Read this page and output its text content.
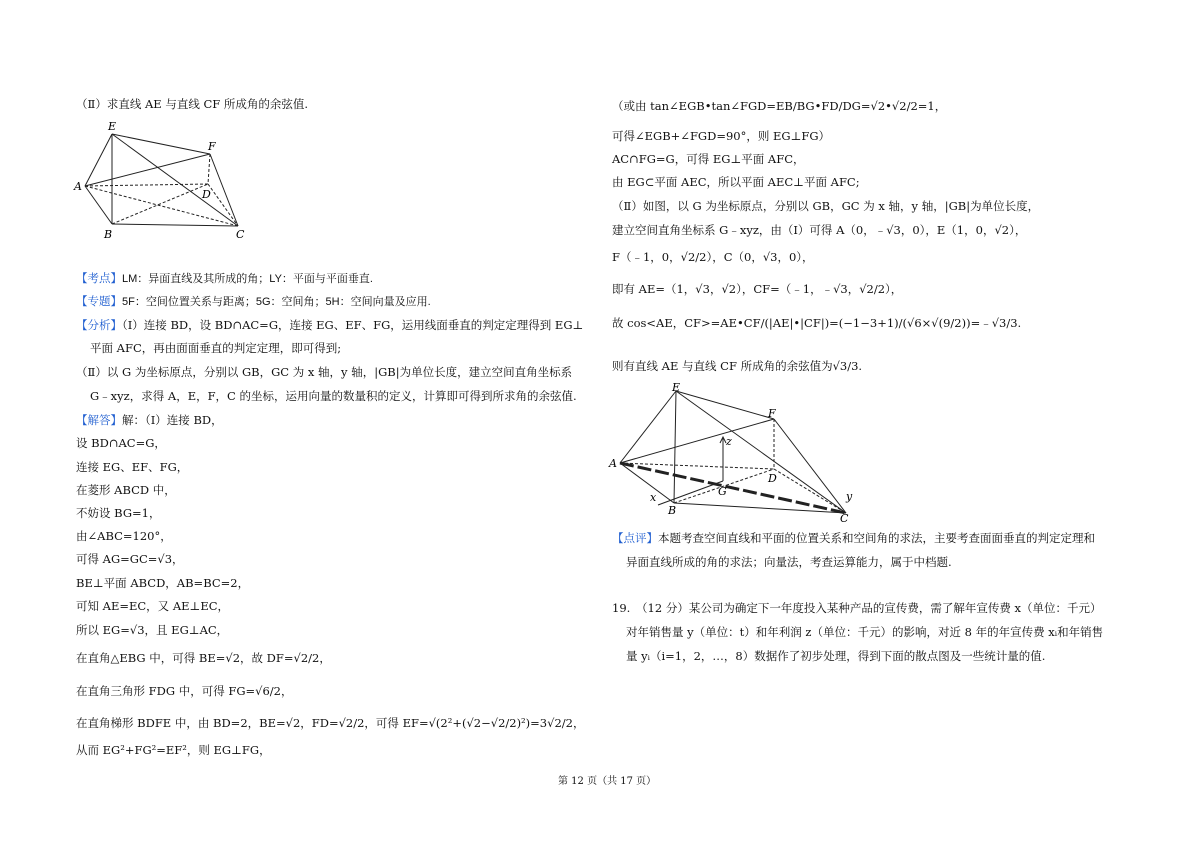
（Ⅱ）求直线 AE 与直线 CF 所成角的余弦值.
E
F
A
D
B	C
【考点】LM：异面直线及其所成的角；LY：平面与平面垂直.
【专题】5F：空间位置关系与距离；5G：空间角；5H：空间向量及应用.
【分析】（Ⅰ）连接 BD，设 BD∩AC=G，连接 EG、EF、FG，运用线面垂直的判定定理得到 EG⊥
平面 AFC，再由面面垂直的判定定理，即可得到;
（Ⅱ）以 G 为坐标原点，分别以 GB，GC 为 x 轴，y 轴，|GB|为单位长度，建立空间直角坐标系
G﹣xyz，求得 A，E，F，C 的坐标，运用向量的数量积的定义，计算即可得到所求角的余弦值.
【解答】解：（Ⅰ）连接 BD，
设 BD∩AC=G，
连接 EG、EF、FG，
在菱形 ABCD 中，
不妨设 BG=1，
由∠ABC=120°，
可得 AG=GC=√3，
BE⊥平面 ABCD，AB=BC=2，
可知 AE=EC，又 AE⊥EC，
所以 EG=√3，且 EG⊥AC，
在直角△EBG 中，可得 BE=√2，故 DF=√2/2，
在直角三角形 FDG 中，可得 FG=√6/2，
在直角梯形 BDFE 中，由 BD=2，BE=√2，FD=√2/2，可得 EF=√(2²+(√2−√2/2)²)=3√2/2，
从而 EG²+FG²=EF²，则 EG⊥FG，
（或由 tan∠EGB•tan∠FGD=EB/BG•FD/DG=√2•√2/2=1，
可得∠EGB+∠FGD=90°，则 EG⊥FG）
AC∩FG=G，可得 EG⊥平面 AFC，
由 EG⊂平面 AEC，所以平面 AEC⊥平面 AFC;
（Ⅱ）如图，以 G 为坐标原点，分别以 GB，GC 为 x 轴，y 轴，|GB|为单位长度，
建立空间直角坐标系 G﹣xyz，由（Ⅰ）可得 A（0，﹣√3，0），E（1，0，√2），
F（﹣1，0，√2/2），C（0，√3，0），
即有 AE=（1，√3，√2），CF=（﹣1，﹣√3，√2/2），
故 cos<AE，CF>=AE•CF/(|AE|•|CF|)=(−1−3+1)/(√6×√(9/2))=﹣√3/3.
则有直线 AE 与直线 CF 所成角的余弦值为√3/3.
E
F
A
D
G
B
C
z
x	y
【点评】本题考查空间直线和平面的位置关系和空间角的求法，主要考查面面垂直的判定定理和
异面直线所成的角的求法；向量法，考查运算能力，属于中档题.
19.　（12 分）某公司为确定下一年度投入某种产品的宣传费，需了解年宣传费 x（单位：千元）
对年销售量 y（单位：t）和年利润 z（单位：千元）的影响，对近 8 年的年宣传费 xᵢ和年销售
量 yᵢ（i=1，2，…，8）数据作了初步处理，得到下面的散点图及一些统计量的值.
第 12 页（共 17 页）
